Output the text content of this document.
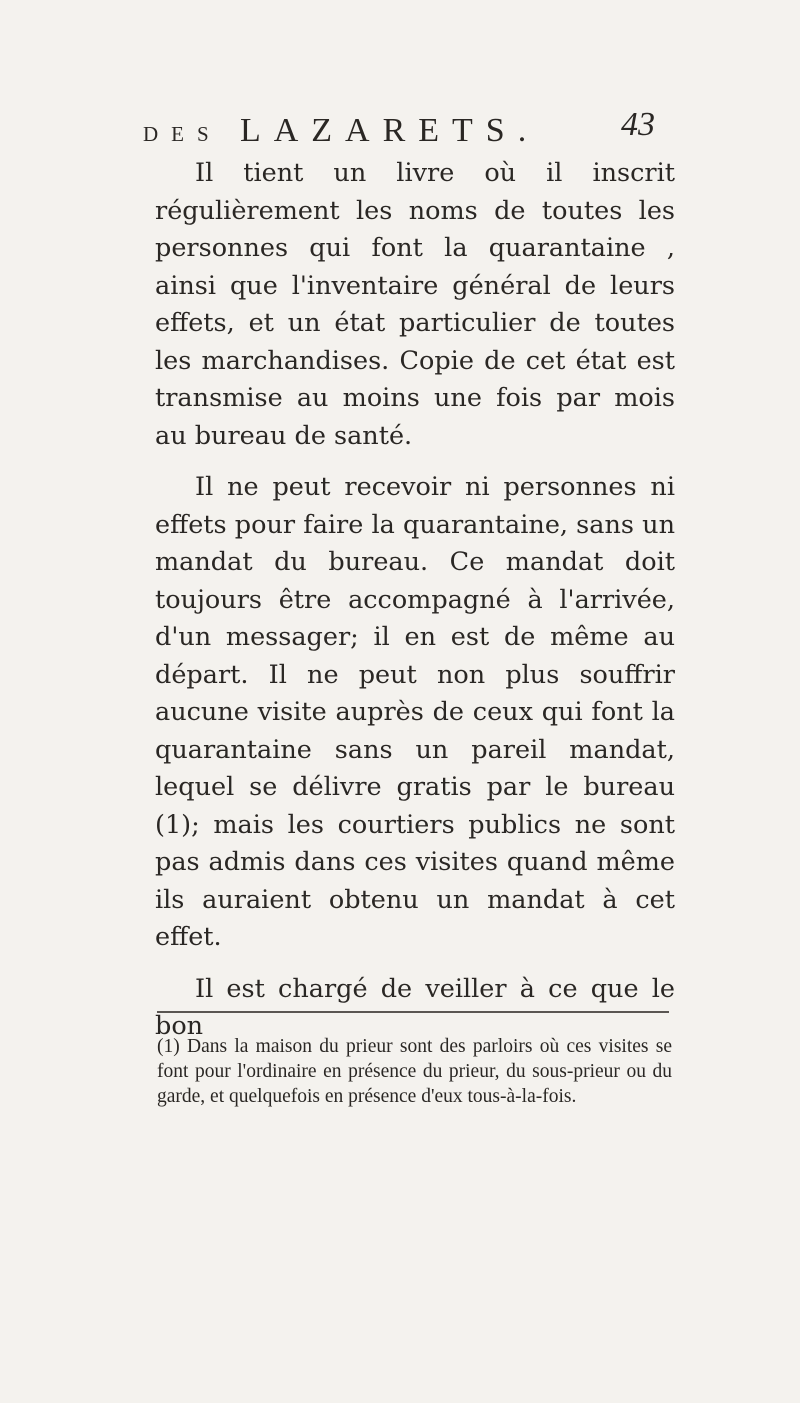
DES LAZARETS. 43

Il tient un livre où il inscrit régulièrement les noms de toutes les personnes qui font la quarantaine , ainsi que l'inventaire général de leurs effets, et un état particulier de toutes les marchandises. Copie de cet état est transmise au moins une fois par mois au bureau de santé.

Il ne peut recevoir ni personnes ni effets pour faire la quarantaine, sans un mandat du bureau. Ce mandat doit toujours être accompagné à l'arrivée, d'un messager; il en est de même au départ. Il ne peut non plus souffrir aucune visite auprès de ceux qui font la quarantaine sans un pareil mandat, lequel se délivre gratis par le bureau (1); mais les courtiers publics ne sont pas admis dans ces visites quand même ils auraient obtenu un mandat à cet effet.

Il est chargé de veiller à ce que le bon

(1) Dans la maison du prieur sont des parloirs où ces visites se font pour l'ordinaire en présence du prieur, du sous-prieur ou du garde, et quelquefois en présence d'eux tous-à-la-fois.
